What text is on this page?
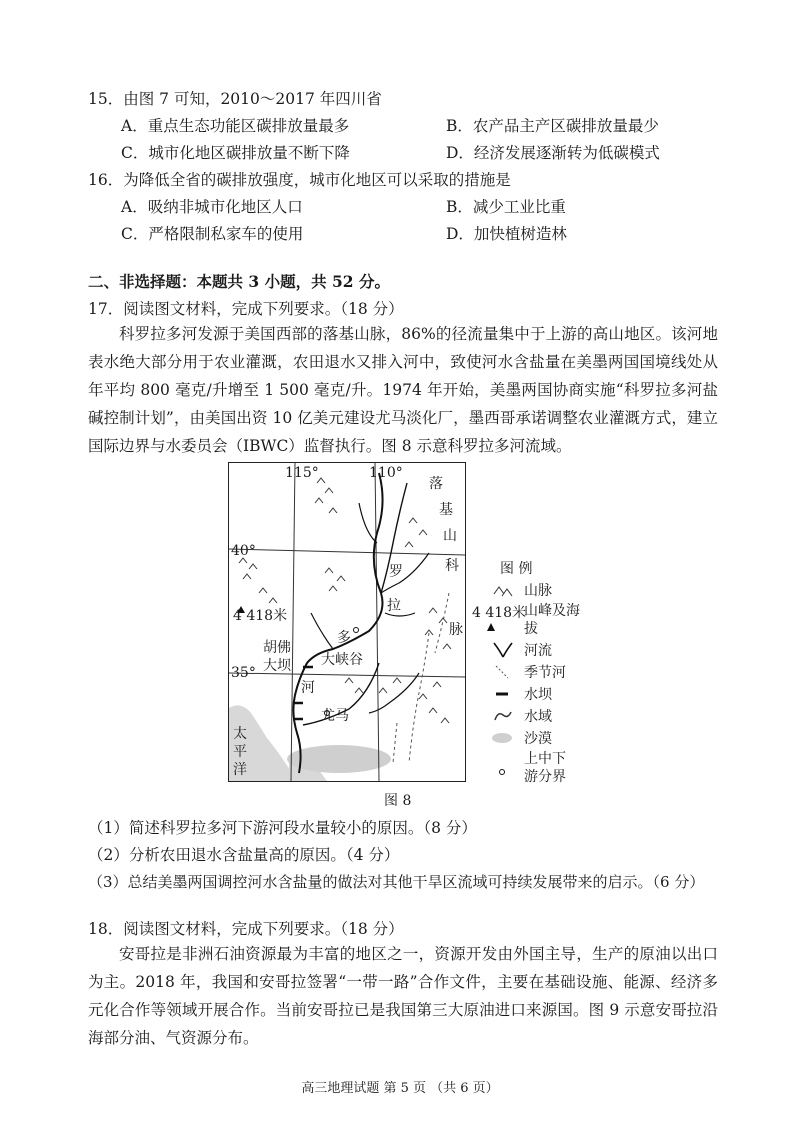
15．由图 7 可知，2010～2017 年四川省
A．重点生态功能区碳排放量最多	B．农产品主产区碳排放量最少
C．城市化地区碳排放量不断下降	D．经济发展逐渐转为低碳模式
16．为降低全省的碳排放强度，城市化地区可以采取的措施是
A．吸纳非城市化地区人口	B．减少工业比重
C．严格限制私家车的使用	D．加快植树造林
二、非选择题：本题共 3 小题，共 52 分。
17．阅读图文材料，完成下列要求。（18 分）
科罗拉多河发源于美国西部的落基山脉，86%的径流量集中于上游的高山地区。该河地表水绝大部分用于农业灌溉，农田退水又排入河中，致使河水含盐量在美墨两国国境线处从年平均 800 毫克/升增至 1 500 毫克/升。1974 年开始，美墨两国协商实施“科罗拉多河盐碱控制计划”，由美国出资 10 亿美元建设尤马淡化厂，墨西哥承诺调整农业灌溉方式，建立国际边界与水委员会（IBWC）监督执行。图 8 示意科罗拉多河流域。
115°	110°
40°
35°
4 418米
胡佛大坝	大峡谷
尤马
太平洋
落
基
山
科
罗
拉
多
河
脉
图 8
图 例
山脉
4 418米
山峰及海拔
河流
季节河
水坝
水域
沙漠
上中下游分界
（1）简述科罗拉多河下游河段水量较小的原因。（8 分）
（2）分析农田退水含盐量高的原因。（4 分）
（3）总结美墨两国调控河水含盐量的做法对其他干旱区流域可持续发展带来的启示。（6 分）
18．阅读图文材料，完成下列要求。（18 分）
安哥拉是非洲石油资源最为丰富的地区之一，资源开发由外国主导，生产的原油以出口为主。2018 年，我国和安哥拉签署“一带一路”合作文件，主要在基础设施、能源、经济多元化合作等领域开展合作。当前安哥拉已是我国第三大原油进口来源国。图 9 示意安哥拉沿海部分油、气资源分布。
高三地理试题 第 5 页 （共 6 页）
